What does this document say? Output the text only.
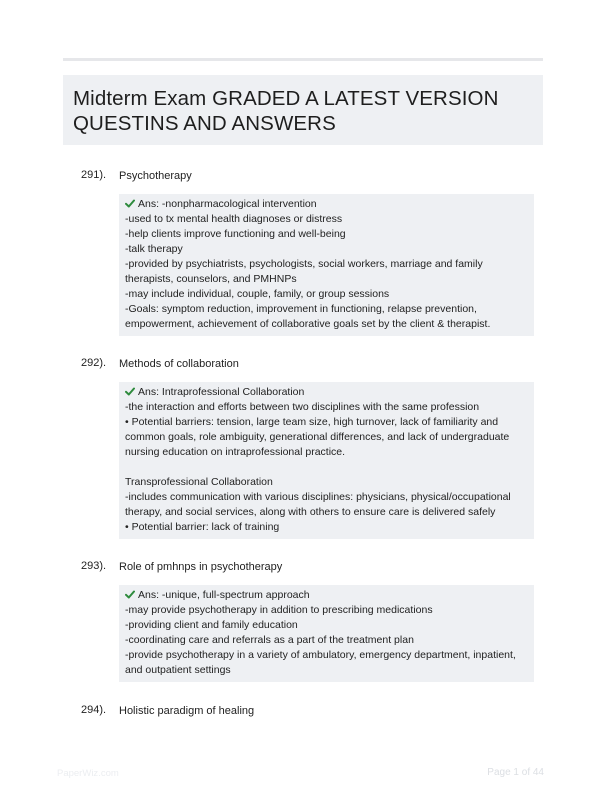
Midterm Exam GRADED A LATEST VERSION
QUESTINS AND ANSWERS
291). Psychotherapy
Ans: -nonpharmacological intervention
-used to tx mental health diagnoses or distress
-help clients improve functioning and well-being
-talk therapy
-provided by psychiatrists, psychologists, social workers, marriage and family
therapists, counselors, and PMHNPs
-may include individual, couple, family, or group sessions
-Goals: symptom reduction, improvement in functioning, relapse prevention,
empowerment, achievement of collaborative goals set by the client & therapist.
292). Methods of collaboration
Ans: Intraprofessional Collaboration
-the interaction and efforts between two disciplines with the same profession
• Potential barriers: tension, large team size, high turnover, lack of familiarity and
common goals, role ambiguity, generational differences, and lack of undergraduate
nursing education on intraprofessional practice.
Transprofessional Collaboration
-includes communication with various disciplines: physicians, physical/occupational
therapy, and social services, along with others to ensure care is delivered safely
• Potential barrier: lack of training
293). Role of pmhnps in psychotherapy
Ans: -unique, full-spectrum approach
-may provide psychotherapy in addition to prescribing medications
-providing client and family education
-coordinating care and referrals as a part of the treatment plan
-provide psychotherapy in a variety of ambulatory, emergency department, inpatient,
and outpatient settings
294). Holistic paradigm of healing
PaperWiz.com	Page 1 of 44
